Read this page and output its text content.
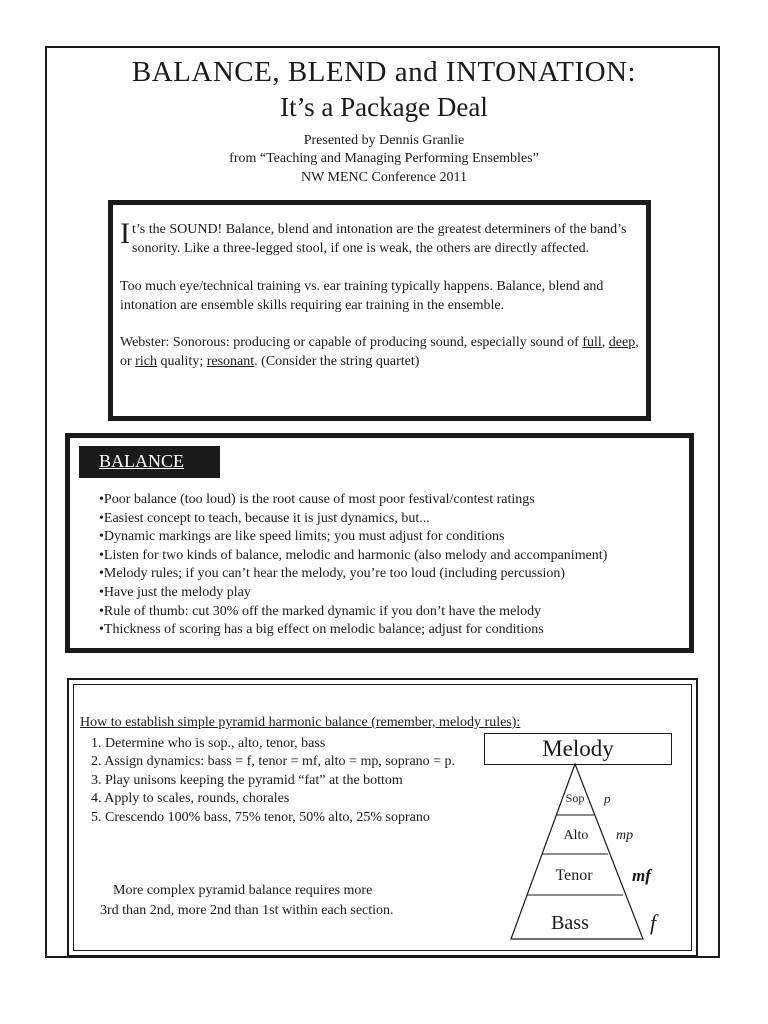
BALANCE, BLEND and INTONATION:
It’s a Package Deal
Presented by Dennis Granlie
from “Teaching and Managing Performing Ensembles”
NW MENC Conference 2011
It’s the SOUND! Balance, blend and intonation are the greatest determiners of the band’s sonority. Like a three-legged stool, if one is weak, the others are directly affected.
Too much eye/technical training vs. ear training typically happens. Balance, blend and intonation are ensemble skills requiring ear training in the ensemble.
Webster: Sonorous: producing or capable of producing sound, especially sound of full, deep, or rich quality; resonant. (Consider the string quartet)
BALANCE
•Poor balance (too loud) is the root cause of most poor festival/contest ratings
•Easiest concept to teach, because it is just dynamics, but...
•Dynamic markings are like speed limits; you must adjust for conditions
•Listen for two kinds of balance, melodic and harmonic (also melody and accompaniment)
•Melody rules; if you can’t hear the melody, you’re too loud (including percussion)
•Have just the melody play
•Rule of thumb: cut 30% off the marked dynamic if you don’t have the melody
•Thickness of scoring has a big effect on melodic balance; adjust for conditions
How to establish simple pyramid harmonic balance (remember, melody rules):
1. Determine who is sop., alto, tenor, bass
2. Assign dynamics: bass = f, tenor = mf, alto = mp, soprano = p.
3. Play unisons keeping the pyramid “fat” at the bottom
4. Apply to scales, rounds, chorales
5. Crescendo 100% bass, 75% tenor, 50% alto, 25% soprano
More complex pyramid balance requires more
3rd than 2nd, more 2nd than 1st within each section.
Melody
Sop
Alto
Tenor
Bass
p
mp
mf
f
